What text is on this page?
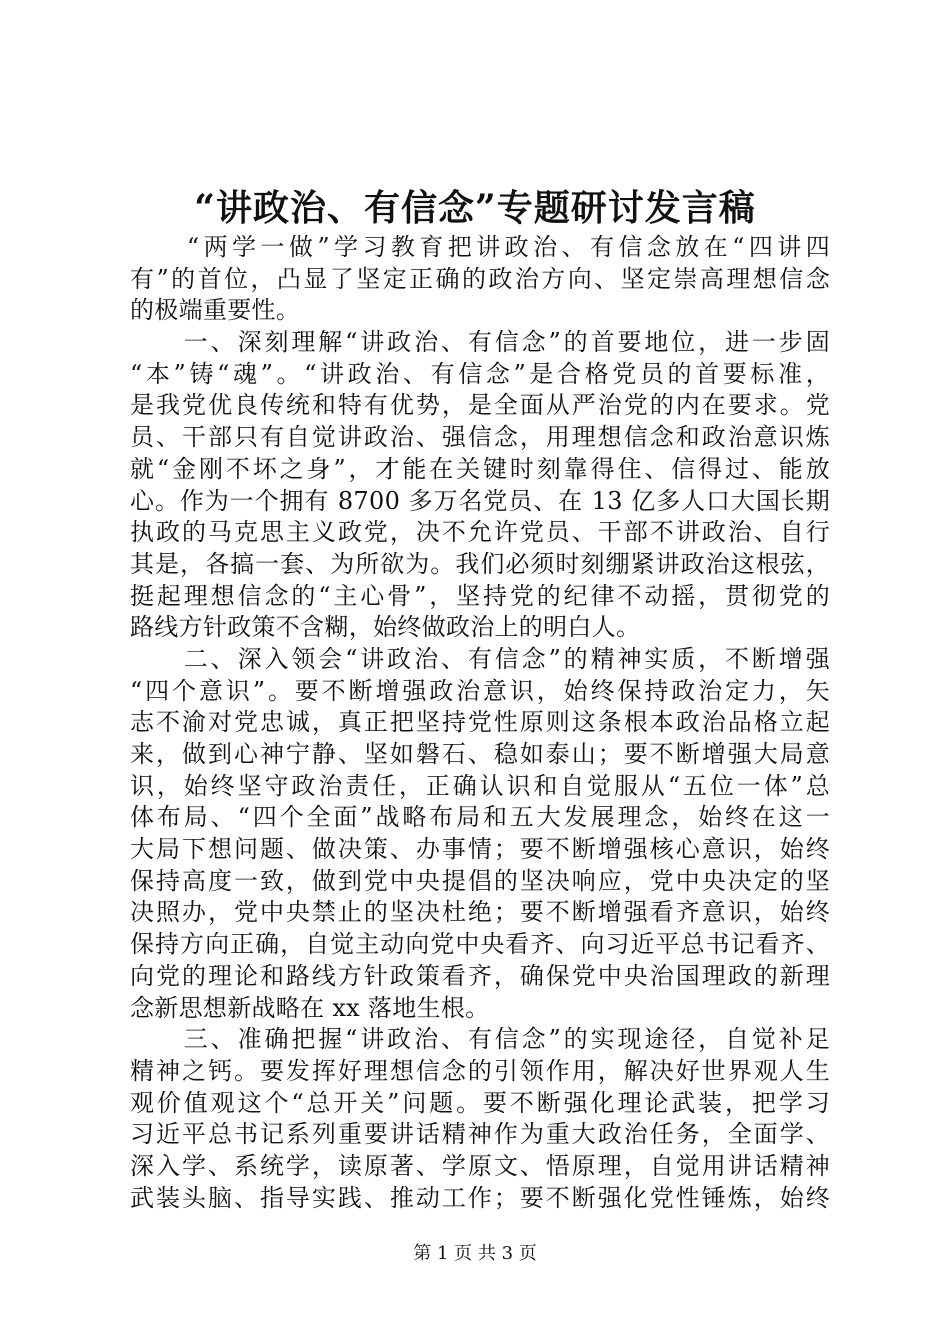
“讲政治、有信念”专题研讨发言稿
　　“两学一做”学习教育把讲政治、有信念放在“四讲四
有”的首位，凸显了坚定正确的政治方向、坚定崇高理想信念
的极端重要性。
　　一、深刻理解“讲政治、有信念”的首要地位，进一步固
“本”铸“魂”。“讲政治、有信念”是合格党员的首要标准，
是我党优良传统和特有优势，是全面从严治党的内在要求。党
员、干部只有自觉讲政治、强信念，用理想信念和政治意识炼
就“金刚不坏之身”，才能在关键时刻靠得住、信得过、能放
心。作为一个拥有 8700 多万名党员、在 13 亿多人口大国长期
执政的马克思主义政党，决不允许党员、干部不讲政治、自行
其是，各搞一套、为所欲为。我们必须时刻绷紧讲政治这根弦，
挺起理想信念的“主心骨”，坚持党的纪律不动摇，贯彻党的
路线方针政策不含糊，始终做政治上的明白人。
　　二、深入领会“讲政治、有信念”的精神实质，不断增强
“四个意识”。要不断增强政治意识，始终保持政治定力，矢
志不渝对党忠诚，真正把坚持党性原则这条根本政治品格立起
来，做到心神宁静、坚如磐石、稳如泰山；要不断增强大局意
识，始终坚守政治责任，正确认识和自觉服从“五位一体”总
体布局、“四个全面”战略布局和五大发展理念，始终在这一
大局下想问题、做决策、办事情；要不断增强核心意识，始终
保持高度一致，做到党中央提倡的坚决响应，党中央决定的坚
决照办，党中央禁止的坚决杜绝；要不断增强看齐意识，始终
保持方向正确，自觉主动向党中央看齐、向习近平总书记看齐、
向党的理论和路线方针政策看齐，确保党中央治国理政的新理
念新思想新战略在 xx 落地生根。
　　三、准确把握“讲政治、有信念”的实现途径，自觉补足
精神之钙。要发挥好理想信念的引领作用，解决好世界观人生
观价值观这个“总开关”问题。要不断强化理论武装，把学习
习近平总书记系列重要讲话精神作为重大政治任务，全面学、
深入学、系统学，读原著、学原文、悟原理，自觉用讲话精神
武装头脑、指导实践、推动工作；要不断强化党性锤炼，始终
第 1 页 共 3 页
